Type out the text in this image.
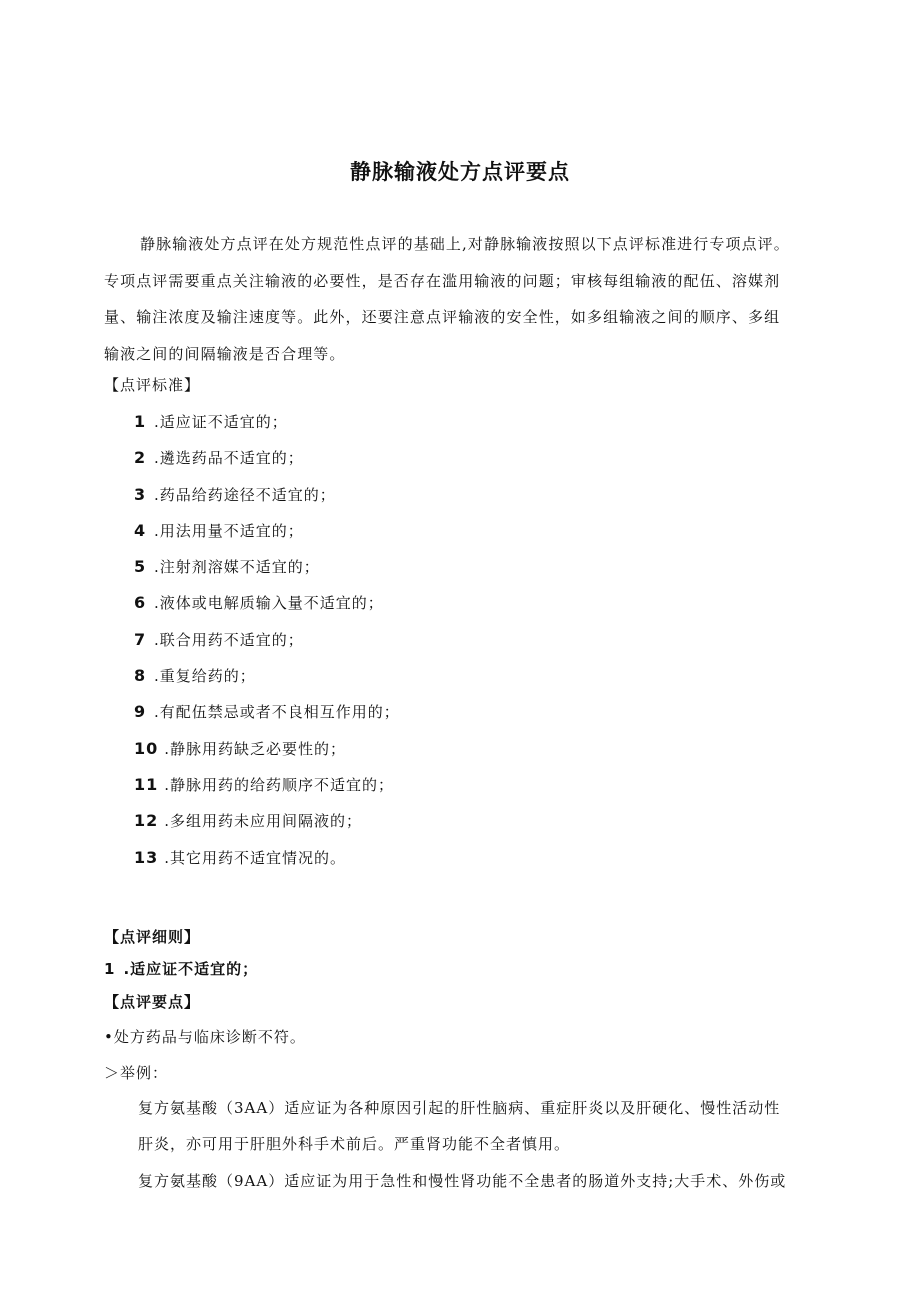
静脉输液处方点评要点
静脉输液处方点评在处方规范性点评的基础上,对静脉输液按照以下点评标准进行专项点评。
专项点评需要重点关注输液的必要性，是否存在滥用输液的问题；审核每组输液的配伍、溶媒剂
量、输注浓度及输注速度等。此外，还要注意点评输液的安全性，如多组输液之间的顺序、多组
输液之间的间隔输液是否合理等。
【点评标准】
1 .适应证不适宜的；
2 .遴选药品不适宜的；
3 .药品给药途径不适宜的；
4 .用法用量不适宜的；
5 .注射剂溶媒不适宜的；
6 .液体或电解质输入量不适宜的；
7 .联合用药不适宜的；
8 .重复给药的；
9 .有配伍禁忌或者不良相互作用的；
10 .静脉用药缺乏必要性的；
11 .静脉用药的给药顺序不适宜的；
12 .多组用药未应用间隔液的；
13 .其它用药不适宜情况的。
【点评细则】
1 .适应证不适宜的；
【点评要点】
•处方药品与临床诊断不符。
＞举例：
复方氨基酸（3AA）适应证为各种原因引起的肝性脑病、重症肝炎以及肝硬化、慢性活动性
肝炎，亦可用于肝胆外科手术前后。严重肾功能不全者慎用。
复方氨基酸（9AA）适应证为用于急性和慢性肾功能不全患者的肠道外支持;大手术、外伤或
